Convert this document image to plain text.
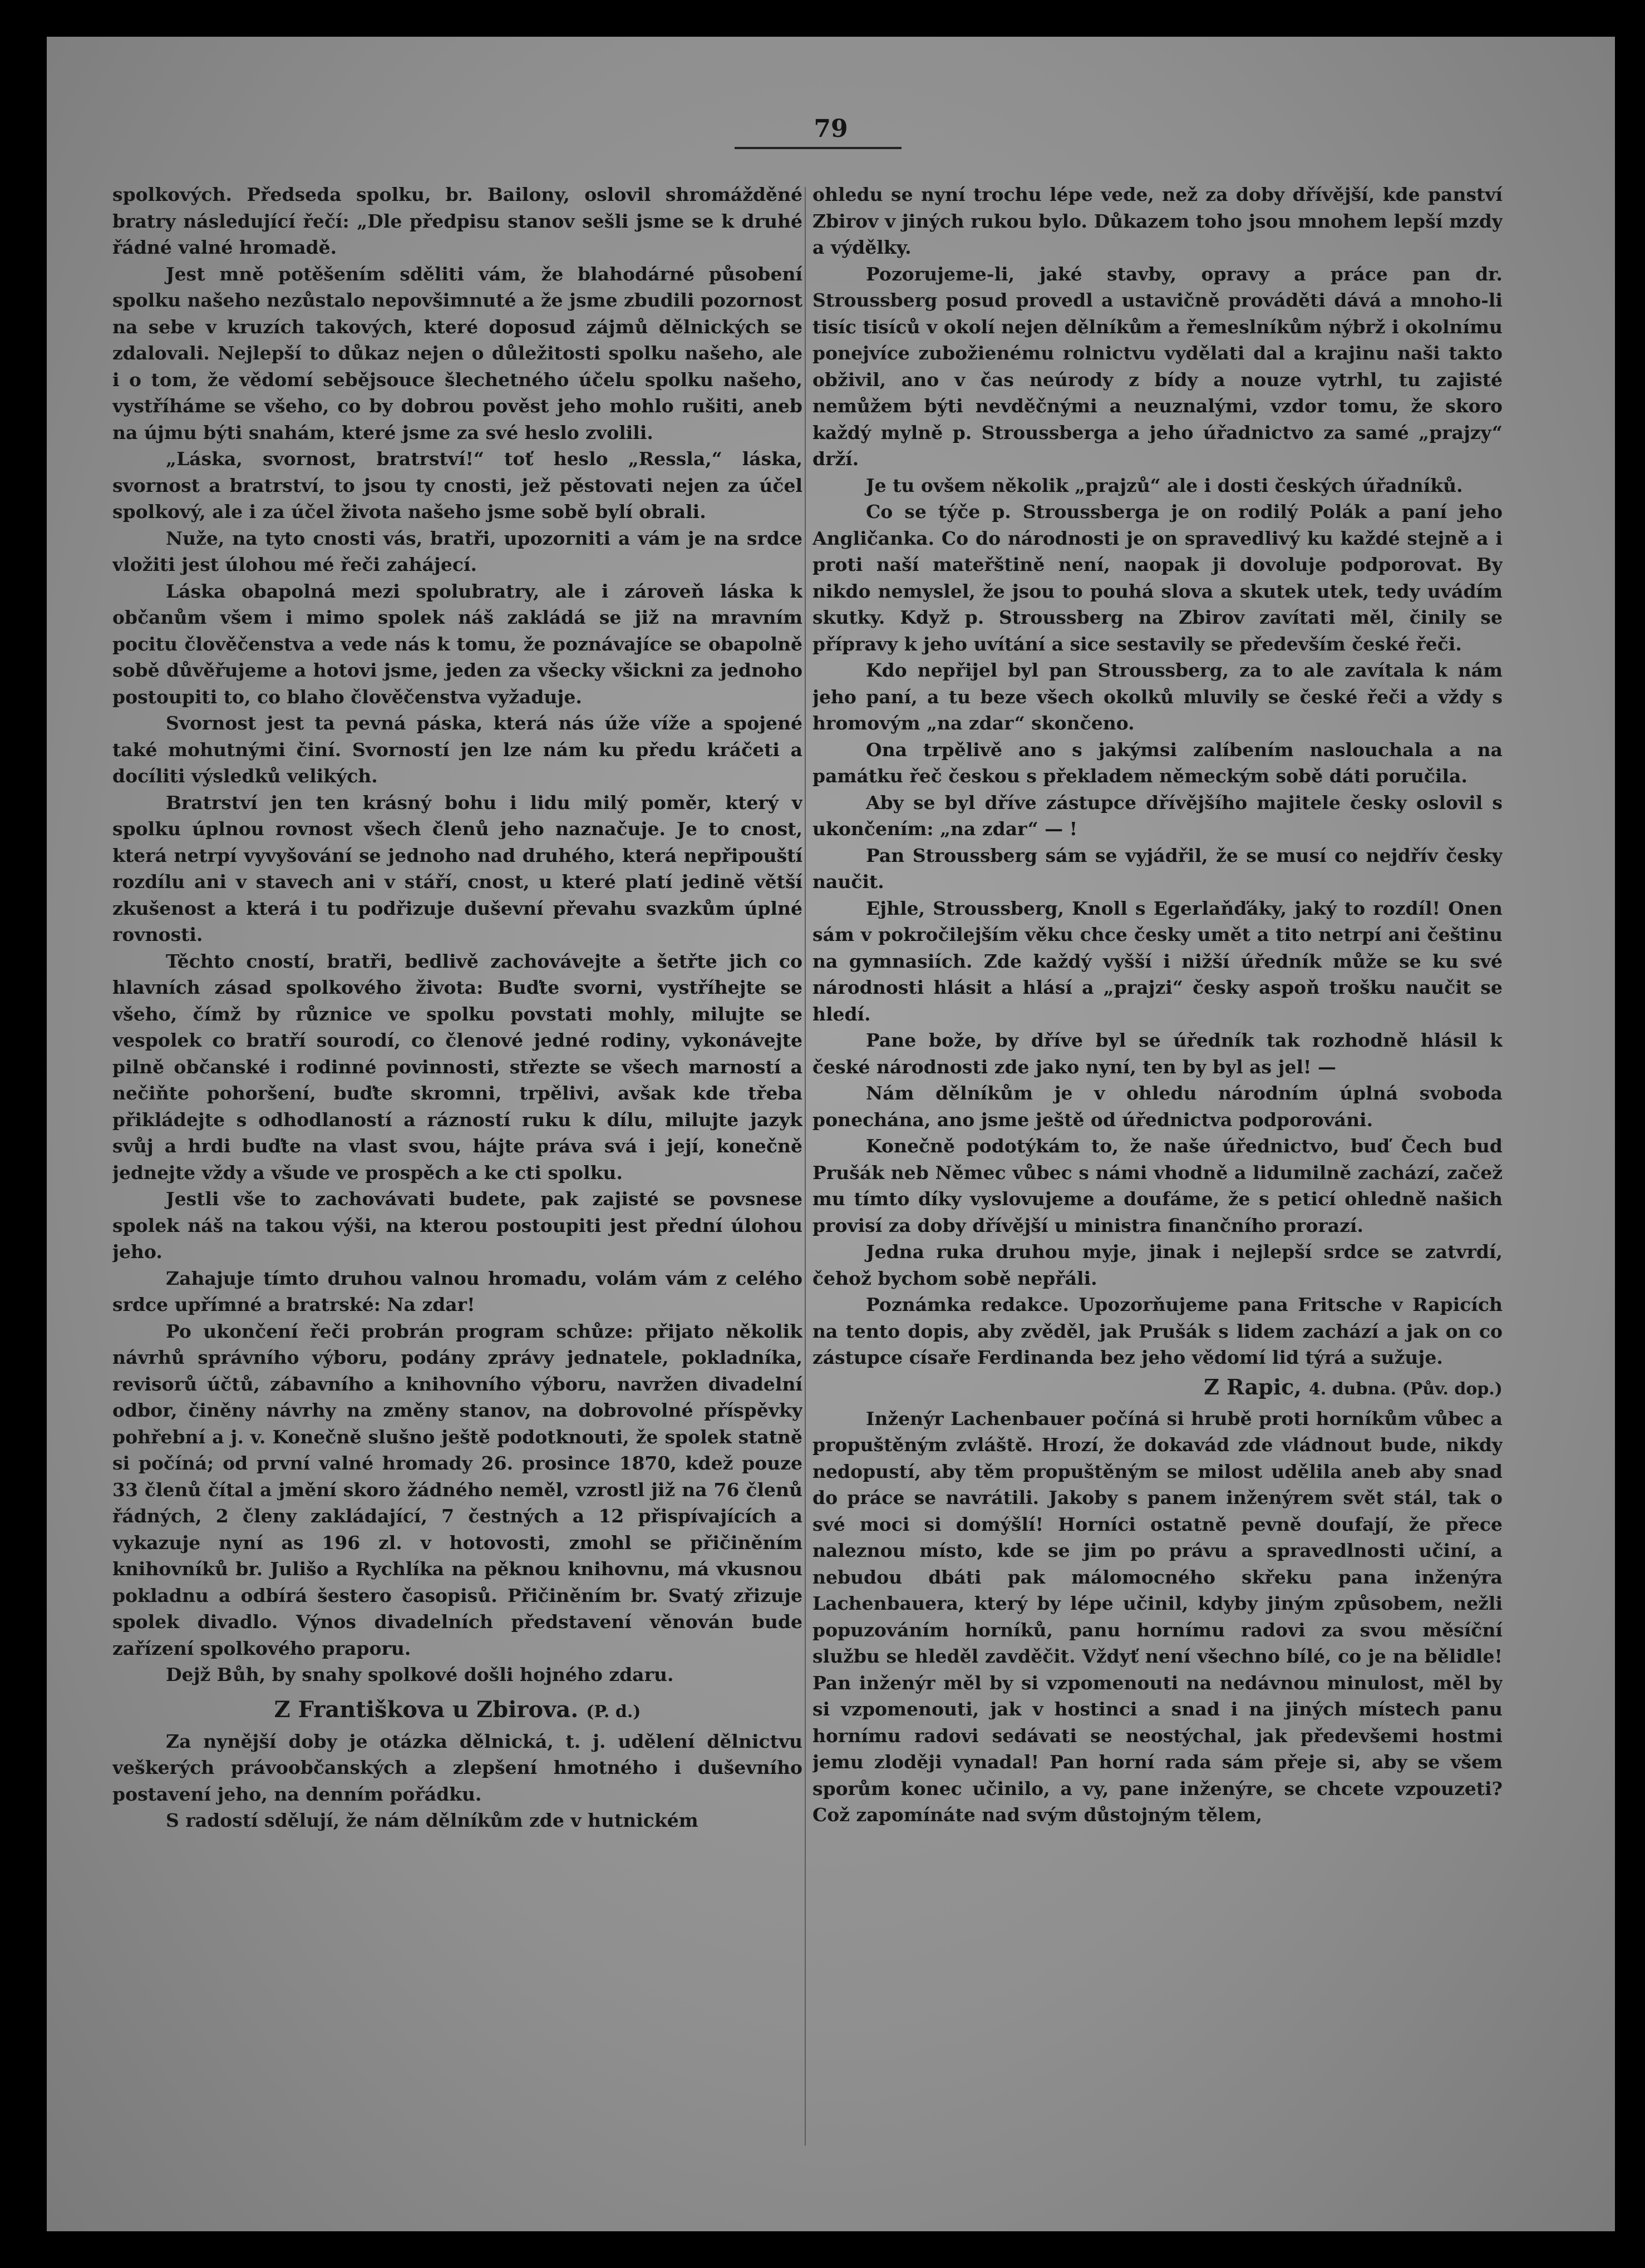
79

spolkových. Předseda spolku, br. Bailony, oslovil shromážděné bratry následující řečí: „Dle předpisu stanov sešli jsme se k druhé řádné valné hromadě.

Jest mně potěšením sděliti vám, že blahodárné působení spolku našeho nezůstalo nepovšimnuté a že jsme zbudili pozornost na sebe v kruzích takových, které doposud zájmů dělnických se zdalovali. Nejlepší to důkaz nejen o důležitosti spolku našeho, ale i o tom, že vědomí sebějsouce šlechetného účelu spolku našeho, vystříháme se všeho, co by dobrou pověst jeho mohlo rušiti, aneb na újmu býti snahám, které jsme za své heslo zvolili.

„Láska, svornost, bratrství!“ toť heslo „Ressla,“ láska, svornost a bratrství, to jsou ty cnosti, jež pěstovati nejen za účel spolkový, ale i za účel života našeho jsme sobě bylí obrali.

Nuže, na tyto cnosti vás, bratři, upozorniti a vám je na srdce vložiti jest úlohou mé řeči zahájecí.

Láska obapolná mezi spolubratry, ale i zároveň láska k občanům všem i mimo spolek náš zakládá se již na mravním pocitu člověčenstva a vede nás k tomu, že poznávajíce se obapolně sobě důvěřujeme a hotovi jsme, jeden za všecky všickni za jednoho postoupiti to, co blaho člověčenstva vyžaduje.

Svornost jest ta pevná páska, která nás úže víže a spojené také mohutnými činí. Svorností jen lze nám ku předu kráčeti a docíliti výsledků velikých.

Bratrství jen ten krásný bohu i lidu milý poměr, který v spolku úplnou rovnost všech členů jeho naznačuje. Je to cnost, která netrpí vyvyšování se jednoho nad druhého, která nepřipouští rozdílu ani v stavech ani v stáří, cnost, u které platí jedině větší zkušenost a která i tu podřizuje duševní převahu svazkům úplné rovnosti.

Těchto cností, bratři, bedlivě zachovávejte a šetřte jich co hlavních zásad spolkového života: Buďte svorni, vystříhejte se všeho, čímž by různice ve spolku povstati mohly, milujte se vespolek co bratří sourodí, co členové jedné rodiny, vykonávejte pilně občanské i rodinné povinnosti, střezte se všech marností a nečiňte pohoršení, buďte skromni, trpělivi, avšak kde třeba přikládejte s odhodlaností a rázností ruku k dílu, milujte jazyk svůj a hrdi buďte na vlast svou, hájte práva svá i její, konečně jednejte vždy a všude ve prospěch a ke cti spolku.

Jestli vše to zachovávati budete, pak zajisté se povsnese spolek náš na takou výši, na kterou postoupiti jest přední úlohou jeho.

Zahajuje tímto druhou valnou hromadu, volám vám z celého srdce upřímné a bratrské: Na zdar!

Po ukončení řeči probrán program schůze: přijato několik návrhů správního výboru, podány zprávy jednatele, pokladníka, revisorů účtů, zábavního a knihovního výboru, navržen divadelní odbor, činěny návrhy na změny stanov, na dobrovolné příspěvky pohřební a j. v. Konečně slušno ještě podotknouti, že spolek statně si počíná; od první valné hromady 26. prosince 1870, kdež pouze 33 členů čítal a jmění skoro žádného neměl, vzrostl již na 76 členů řádných, 2 členy zakládající, 7 čestných a 12 přispívajících a vykazuje nyní as 196 zl. v hotovosti, zmohl se přičiněním knihovníků br. Julišo a Rychlíka na pěknou knihovnu, má vkusnou pokladnu a odbírá šestero časopisů. Přičiněním br. Svatý zřizuje spolek divadlo. Výnos divadelních představení věnován bude zařízení spolkového praporu.

Dejž Bůh, by snahy spolkové došli hojného zdaru.

Z Františkova u Zbirova. (P. d.)

Za nynější doby je otázka dělnická, t. j. udělení dělnictvu veškerých právoobčanských a zlepšení hmotného i duševního postavení jeho, na denním pořádku.

S radostí sdělují, že nám dělníkům zde v hutnickém

ohledu se nyní trochu lépe vede, než za doby dřívější, kde panství Zbirov v jiných rukou bylo. Důkazem toho jsou mnohem lepší mzdy a výdělky.

Pozorujeme-li, jaké stavby, opravy a práce pan dr. Stroussberg posud provedl a ustavičně prováděti dává a mnoho-li tisíc tisíců v okolí nejen dělníkům a řemeslníkům nýbrž i okolnímu ponejvíce zubožienému rolnictvu vydělati dal a krajinu naši takto obživil, ano v čas neúrody z bídy a nouze vytrhl, tu zajisté nemůžem býti nevděčnými a neuznalými, vzdor tomu, že skoro každý mylně p. Stroussberga a jeho úřadnictvo za samé „prajzy“ drží.

Je tu ovšem několik „prajzů“ ale i dosti českých úřadníků.

Co se týče p. Stroussberga je on rodilý Polák a paní jeho Angličanka. Co do národnosti je on spravedlivý ku každé stejně a i proti naší mateřštině není, naopak ji dovoluje podporovat. By nikdo nemyslel, že jsou to pouhá slova a skutek utek, tedy uvádím skutky. Když p. Stroussberg na Zbirov zavítati měl, činily se přípravy k jeho uvítání a sice sestavily se především české řeči.

Kdo nepřijel byl pan Stroussberg, za to ale zavítala k nám jeho paní, a tu beze všech okolků mluvily se české řeči a vždy s hromovým „na zdar“ skončeno.

Ona trpělivě ano s jakýmsi zalíbením naslouchala a na památku řeč českou s překladem německým sobě dáti poručila.

Aby se byl dříve zástupce dřívějšího majitele česky oslovil s ukončením: „na zdar“ — !

Pan Stroussberg sám se vyjádřil, že se musí co nejdřív česky naučit.

Ejhle, Stroussberg, Knoll s Egerlaňďáky, jaký to rozdíl! Onen sám v pokročilejším věku chce česky umět a tito netrpí ani češtinu na gymnasiích. Zde každý vyšší i nižší úředník může se ku své národnosti hlásit a hlásí a „prajzi“ česky aspoň trošku naučit se hledí.

Pane bože, by dříve byl se úředník tak rozhodně hlásil k české národnosti zde jako nyní, ten by byl as jel! —

Nám dělníkům je v ohledu národním úplná svoboda ponechána, ano jsme ještě od úřednictva podporováni.

Konečně podotýkám to, že naše úřednictvo, buď Čech buď Prušák neb Němec vůbec s námi vhodně a lidumilně zachází, začež mu tímto díky vyslovujeme a doufáme, že s peticí ohledně našich provisí za doby dřívější u ministra finančního prorazí.

Jedna ruka druhou myje, jinak i nejlepší srdce se zatvrdí, čehož bychom sobě nepřáli.

Poznámka redakce. Upozorňujeme pana Fritsche v Rapicích na tento dopis, aby zvěděl, jak Prušák s lidem zachází a jak on co zástupce císaře Ferdinanda bez jeho vědomí lid týrá a sužuje.

Z Rapic, 4. dubna. (Pův. dop.)

Inženýr Lachenbauer počíná si hrubě proti horníkům vůbec a propuštěným zvláště. Hrozí, že dokavád zde vládnout bude, nikdy nedopustí, aby těm propuštěným se milost udělila aneb aby snad do práce se navrátili. Jakoby s panem inženýrem svět stál, tak o své moci si domýšlí! Horníci ostatně pevně doufají, že přece naleznou místo, kde se jim po právu a spravedlnosti učiní, a nebudou dbáti pak málomocného skřeku pana inženýra Lachenbauera, který by lépe učinil, kdyby jiným způsobem, nežli popuzováním horníků, panu hornímu radovi za svou měsíční službu se hleděl zavděčit. Vždyť není všechno bílé, co je na bělidle! Pan inženýr měl by si vzpomenouti na nedávnou minulost, měl by si vzpomenouti, jak v hostinci a snad i na jiných místech panu hornímu radovi sedávati se neostýchal, jak předevšemi hostmi jemu zloději vynadal! Pan horní rada sám přeje si, aby se všem sporům konec učinilo, a vy, pane inženýre, se chcete vzpouzeti? Což zapomínáte nad svým důstojným tělem,
